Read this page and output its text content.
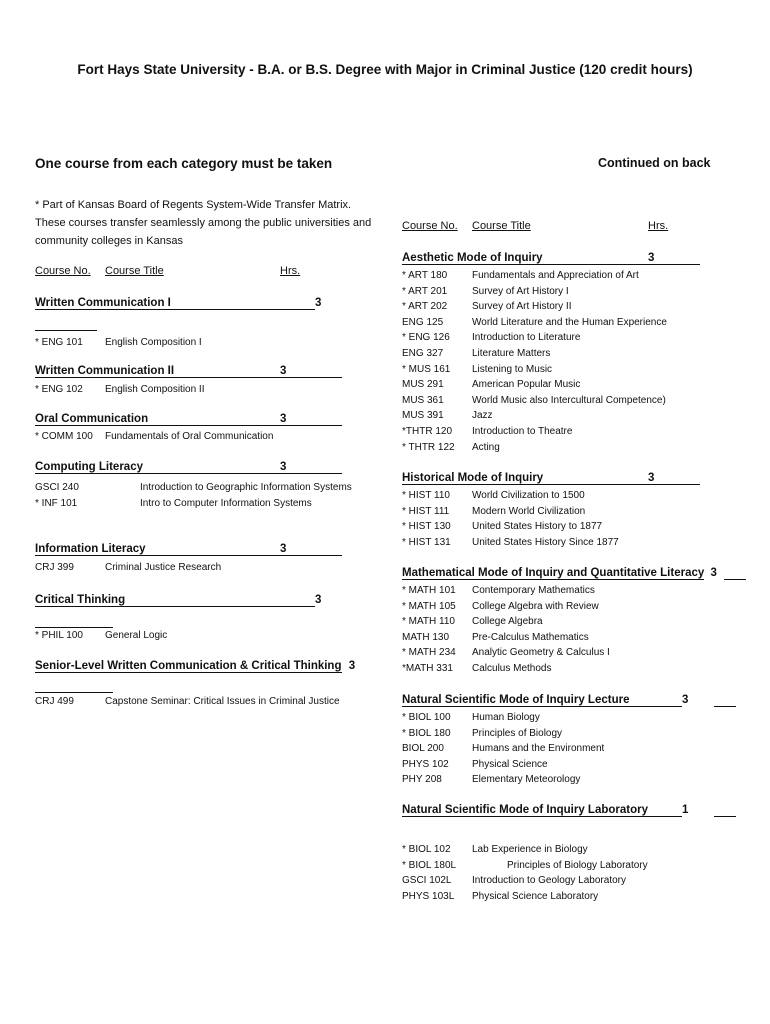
Fort Hays State University - B.A. or B.S. Degree with Major in Criminal Justice (120 credit hours)
One course from each category must be taken	Continued on back
* Part of Kansas Board of Regents System-Wide Transfer Matrix. These courses transfer seamlessly among the public universities and community colleges in Kansas
Course No. Course Title	Hrs.
Course No. Course Title	Hrs.
Written Communication I	3
* ENG 101 English Composition I
Written Communication II	3
* ENG 102 English Composition II
Oral Communication	3
* COMM 100 Fundamentals of Oral Communication
Computing Literacy	3
GSCI 240	Introduction to Geographic Information Systems
* INF 101	Intro to Computer Information Systems
Information Literacy	3
CRJ 399	Criminal Justice Research
Critical Thinking	3
* PHIL 100 General Logic
Senior-Level Written Communication & Critical Thinking 3
CRJ 499	Capstone Seminar: Critical Issues in Criminal Justice
Aesthetic Mode of Inquiry	3
* ART 180 Fundamentals and Appreciation of Art
* ART 201 Survey of Art History I
* ART 202 Survey of Art History II
ENG 125	World Literature and the Human Experience
* ENG 126 Introduction to Literature
ENG 327	Literature Matters
* MUS 161 Listening to Music
MUS 291	American Popular Music
MUS 361	World Music also Intercultural Competence)
MUS 391	Jazz
*THTR 120 Introduction to Theatre
* THTR 122 Acting
Historical Mode of Inquiry	3
* HIST 110 World Civilization to 1500
* HIST 111 Modern World Civilization
* HIST 130 United States History to 1877
* HIST 131 United States History Since 1877
Mathematical Mode of Inquiry and Quantitative Literacy 3
* MATH 101 Contemporary Mathematics
* MATH 105 College Algebra with Review
* MATH 110 College Algebra
MATH 130 Pre-Calculus Mathematics
* MATH 234 Analytic Geometry & Calculus I
*MATH 331 Calculus Methods
Natural Scientific Mode of Inquiry Lecture	3
* BIOL 100 Human Biology
* BIOL 180 Principles of Biology
BIOL 200	Humans and the Environment
PHYS 102 Physical Science
PHY 208	Elementary Meteorology
Natural Scientific Mode of Inquiry Laboratory	1
* BIOL 102 Lab Experience in Biology
* BIOL 180L	Principles of Biology Laboratory
GSCI 102L Introduction to Geology Laboratory
PHYS 103L Physical Science Laboratory
